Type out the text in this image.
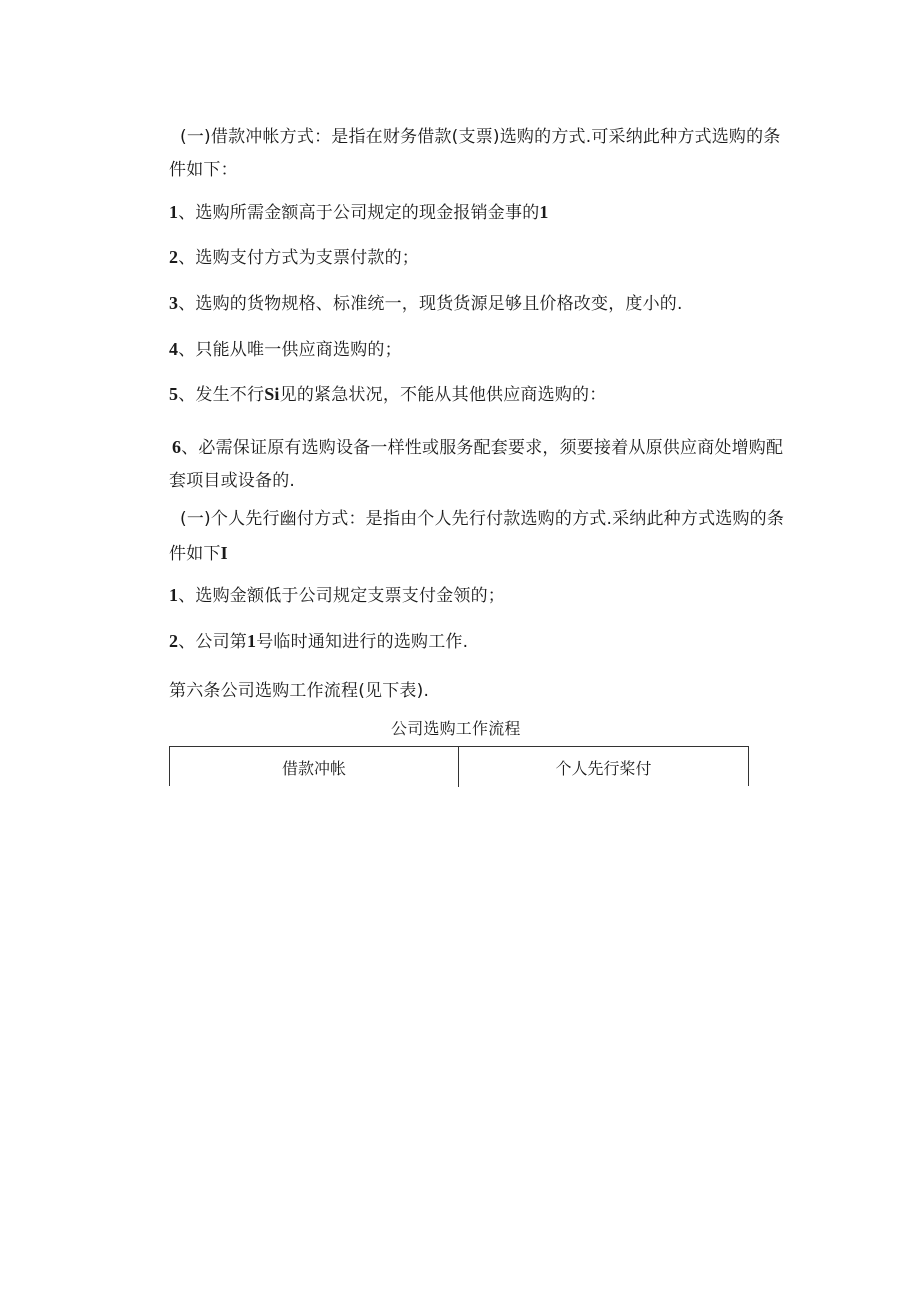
(一)借款冲帐方式：是指在财务借款(支票)选购的方式.可采纳此种方式选购的条
件如下：
1、选购所需金额高于公司规定的现金报销金事的1
2、选购支付方式为支票付款的；
3、选购的货物规格、标准统一，现货货源足够且价格改变，度小的.
4、只能从唯一供应商选购的；
5、发生不行Si见的紧急状况，不能从其他供应商选购的：
6、必需保证原有选购设备一样性或服务配套要求，须要接着从原供应商处增购配
套项目或设备的.
(一)个人先行幽付方式：是指由个人先行付款选购的方式.采纳此种方式选购的条
件如下I
1、选购金额低于公司规定支票支付金领的；
2、公司第1号临时通知进行的选购工作.
第六条公司选购工作流程(见下表).
公司选购工作流程
借款冲帐	个人先行桨付
